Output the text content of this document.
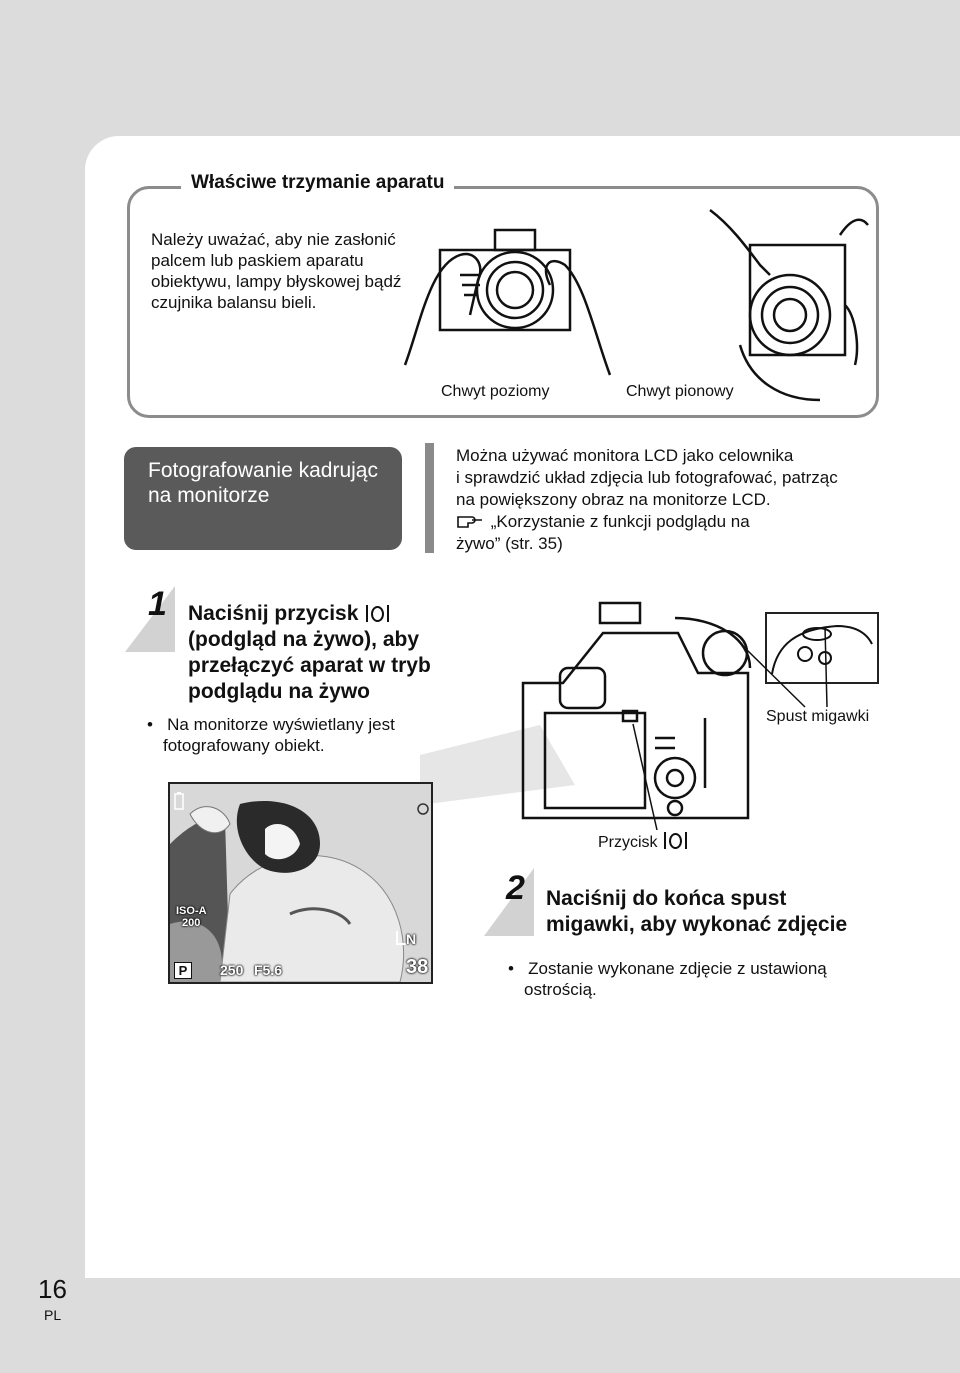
Właściwe trzymanie aparatu
Należy uważać, aby nie zasłonić palcem lub paskiem aparatu obiektywu, lampy błyskowej bądź czujnika balansu bieli.
Chwyt poziomy	Chwyt pionowy
Fotografowanie kadrując na monitorze
Można używać monitora LCD jako celownika
i sprawdzić układ zdjęcia lub fotografować, patrząc
na powiększony obraz na monitorze LCD.
„Korzystanie z funkcji podglądu na
żywo” (str. 35)
1 Naciśnij przycisk
(podgląd na żywo), aby
przełączyć aparat w tryb
podglądu na żywo
•   Na monitorze wyświetlany jest
fotografowany obiekt.
Spust migawki
Przycisk
ISO-A
200
N
P	250 F5.6	38
2 Naciśnij do końca spust
migawki, aby wykonać zdjęcie
•   Zostanie wykonane zdjęcie z ustawioną
ostrością.
16
PL
